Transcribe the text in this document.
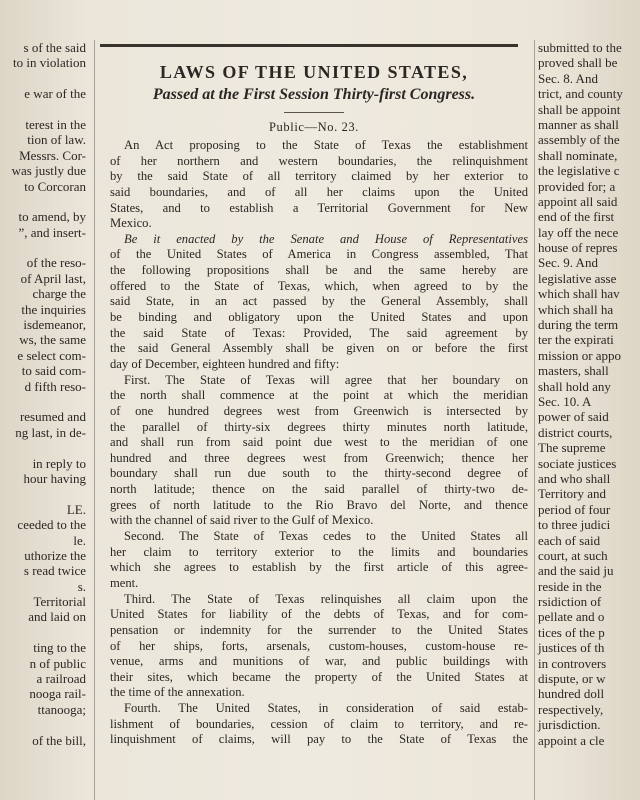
s of the said
to in violation
e war of the
terest in the
tion of law.
Messrs. Cor-
was justly due
to Corcoran
to amend, by
”, and insert-
of the reso-
of April last,
charge the
the inquiries
isdemeanor,
ws, the same
e select com-
to said com-
d fifth reso-
resumed and
ng last, in de-
in reply to
hour having
LE.
ceeded to the
le.
uthorize the
s read twice
s.
Territorial
and laid on
ting to the
n of public
a railroad
nooga rail-
ttanooga;
of the bill,
LAWS OF THE UNITED STATES,
Passed at the First Session Thirty-first Congress.
Public—No. 23.
An Act proposing to the State of Texas the establishment
of her northern and western boundaries, the relinquishment
by the said State of all territory claimed by her exterior to
said boundaries, and of all her claims upon the United
States, and to establish a Territorial Government for New
Mexico.
Be it enacted by the Senate and House of Representatives
of the United States of America in Congress assembled, That
the following propositions shall be and the same hereby are
offered to the State of Texas, which, when agreed to by the
said State, in an act passed by the General Assembly, shall
be binding and obligatory upon the United States and upon
the said State of Texas: Provided, The said agreement by
the said General Assembly shall be given on or before the first
day of December, eighteen hundred and fifty:
First. The State of Texas will agree that her boundary on
the north shall commence at the point at which the meridian
of one hundred degrees west from Greenwich is intersected by
the parallel of thirty-six degrees thirty minutes north latitude,
and shall run from said point due west to the meridian of one
hundred and three degrees west from Greenwich; thence her
boundary shall run due south to the thirty-second degree of
north latitude; thence on the said parallel of thirty-two de-
grees of north latitude to the Rio Bravo del Norte, and thence
with the channel of said river to the Gulf of Mexico.
Second. The State of Texas cedes to the United States all
her claim to territory exterior to the limits and boundaries
which she agrees to establish by the first article of this agree-
ment.
Third. The State of Texas relinquishes all claim upon the
United States for liability of the debts of Texas, and for com-
pensation or indemnity for the surrender to the United States
of her ships, forts, arsenals, custom-houses, custom-house re-
venue, arms and munitions of war, and public buildings with
their sites, which became the property of the United States at
the time of the annexation.
Fourth. The United States, in consideration of said estab-
lishment of boundaries, cession of claim to territory, and re-
linquishment of claims, will pay to the State of Texas the
submitted to the
proved shall be
Sec. 8. And
trict, and county
shall be appoint
manner as shall
assembly of the
shall nominate,
the legislative c
provided for; a
appoint all said
end of the first
lay off the nece
house of repres
Sec. 9. And
legislative asse
which shall hav
which shall ha
during the term
ter the expirati
mission or appo
masters, shall
shall hold any
Sec. 10. A
power of said
district courts,
The supreme
sociate justices
and who shall
Territory and
period of four
to three judici
each of said
court, at such
and the said ju
reside in the
rsidiction of
pellate and o
tices of the p
justices of th
in controvers
dispute, or w
hundred doll
respectively,
jurisdiction.
appoint a cle
